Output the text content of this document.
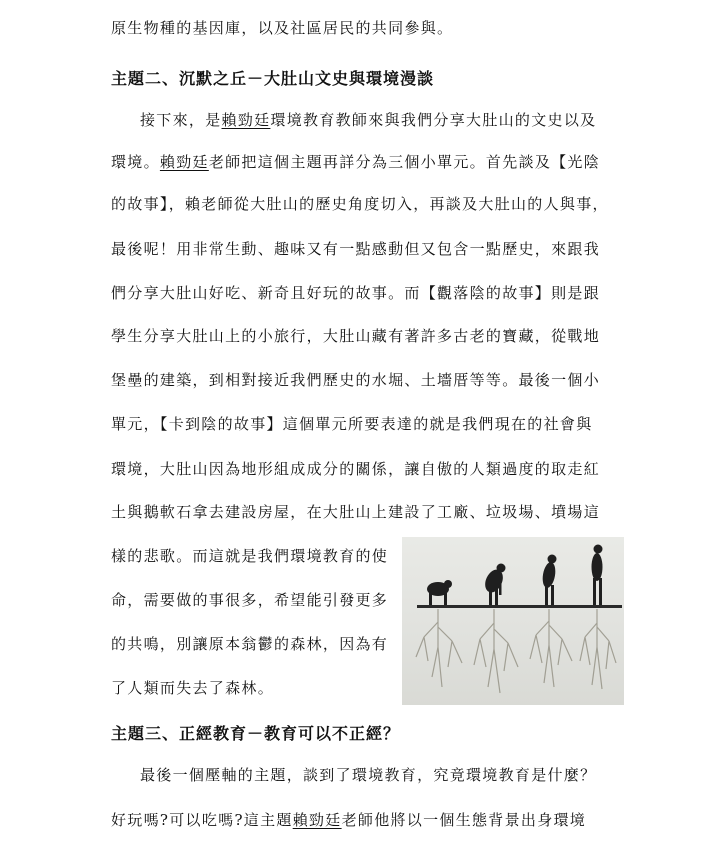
原生物種的基因庫，以及社區居民的共同參與。
主題二、沉默之丘－大肚山文史與環境漫談
接下來，是賴勁廷環境教育教師來與我們分享大肚山的文史以及
環境。賴勁廷老師把這個主題再詳分為三個小單元。首先談及【光陰
的故事】，賴老師從大肚山的歷史角度切入，再談及大肚山的人與事，
最後呢！用非常生動、趣味又有一點感動但又包含一點歷史，來跟我
們分享大肚山好吃、新奇且好玩的故事。而【觀落陰的故事】則是跟
學生分享大肚山上的小旅行，大肚山藏有著許多古老的寶藏，從戰地
堡壘的建築，到相對接近我們歷史的水堀、土墻厝等等。最後一個小
單元，【卡到陰的故事】這個單元所要表達的就是我們現在的社會與
環境，大肚山因為地形組成成分的關係，讓自傲的人類過度的取走紅
土與鵝軟石拿去建設房屋，在大肚山上建設了工廠、垃圾場、墳場這
樣的悲歌。而這就是我們環境教育的使
命，需要做的事很多，希望能引發更多
的共鳴，別讓原本翁鬱的森林，因為有
了人類而失去了森林。
主題三、正經教育－教育可以不正經？
最後一個壓軸的主題，談到了環境教育，究竟環境教育是什麼？
好玩嗎?可以吃嗎?這主題賴勁廷老師他將以一個生態背景出身環境
